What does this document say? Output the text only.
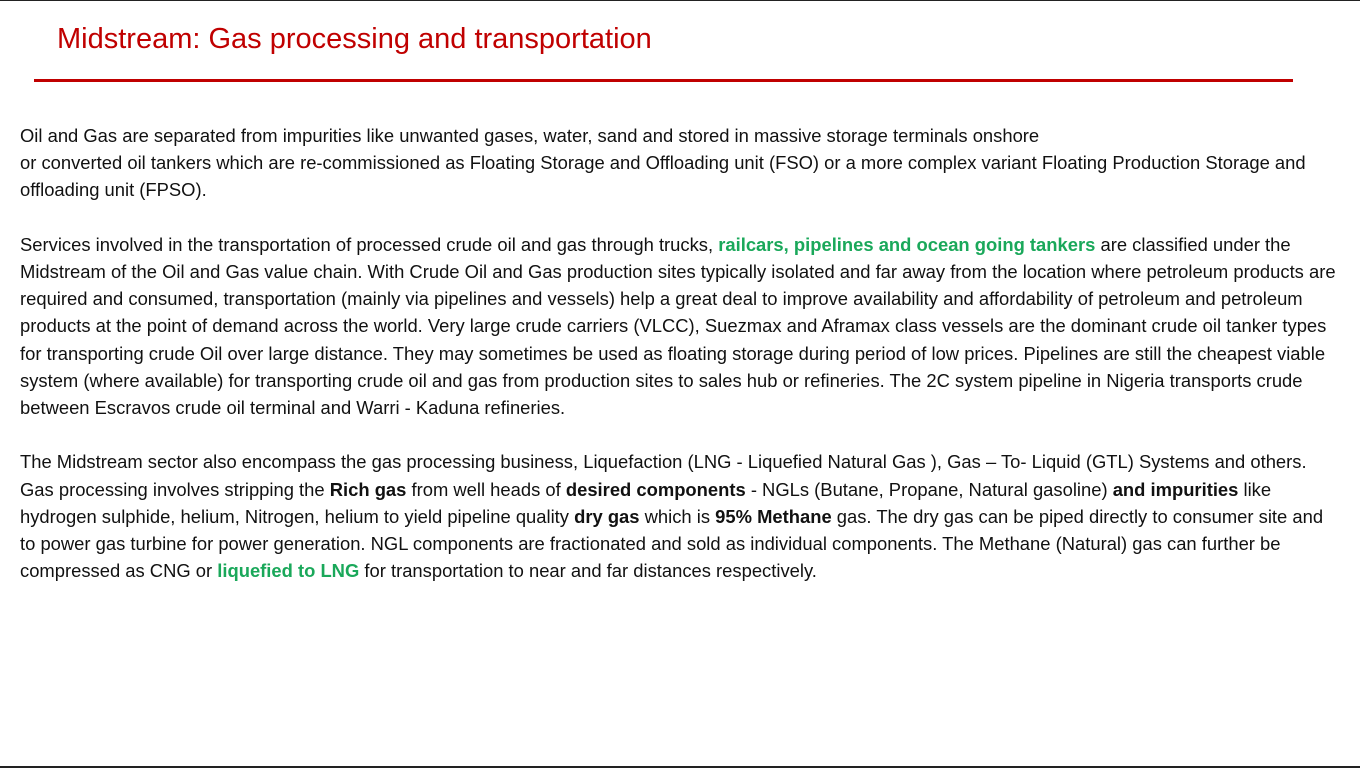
Midstream: Gas processing and transportation

Oil and Gas are separated from impurities like unwanted gases, water, sand and stored in massive storage terminals onshore
or converted oil tankers which are re-commissioned as Floating Storage and Offloading unit (FSO) or a more complex variant Floating Production Storage and offloading unit (FPSO).

Services involved in the transportation of processed crude oil and gas through trucks, railcars, pipelines and ocean going tankers are classified under the Midstream of the Oil and Gas value chain. With Crude Oil and Gas production sites typically isolated and far away from the location where petroleum products are required and consumed, transportation (mainly via pipelines and vessels) help a great deal to improve availability and affordability of petroleum and petroleum products at the point of demand across the world. Very large crude carriers (VLCC), Suezmax and Aframax class vessels are the dominant crude oil tanker types for transporting crude Oil over large distance. They may sometimes be used as floating storage during period of low prices. Pipelines are still the cheapest viable system (where available) for transporting crude oil and gas from production sites to sales hub or refineries. The 2C system pipeline in Nigeria transports crude between Escravos crude oil terminal and Warri - Kaduna refineries.

The Midstream sector also encompass the gas processing business, Liquefaction (LNG - Liquefied Natural Gas ), Gas – To- Liquid (GTL) Systems and others. Gas processing involves stripping the Rich gas from well heads of desired components - NGLs (Butane, Propane, Natural gasoline) and impurities like hydrogen sulphide, helium, Nitrogen, helium to yield pipeline quality dry gas which is 95% Methane gas. The dry gas can be piped directly to consumer site and to power gas turbine for power generation. NGL components are fractionated and sold as individual components. The Methane (Natural) gas can further be compressed as CNG or liquefied to LNG for transportation to near and far distances respectively.
